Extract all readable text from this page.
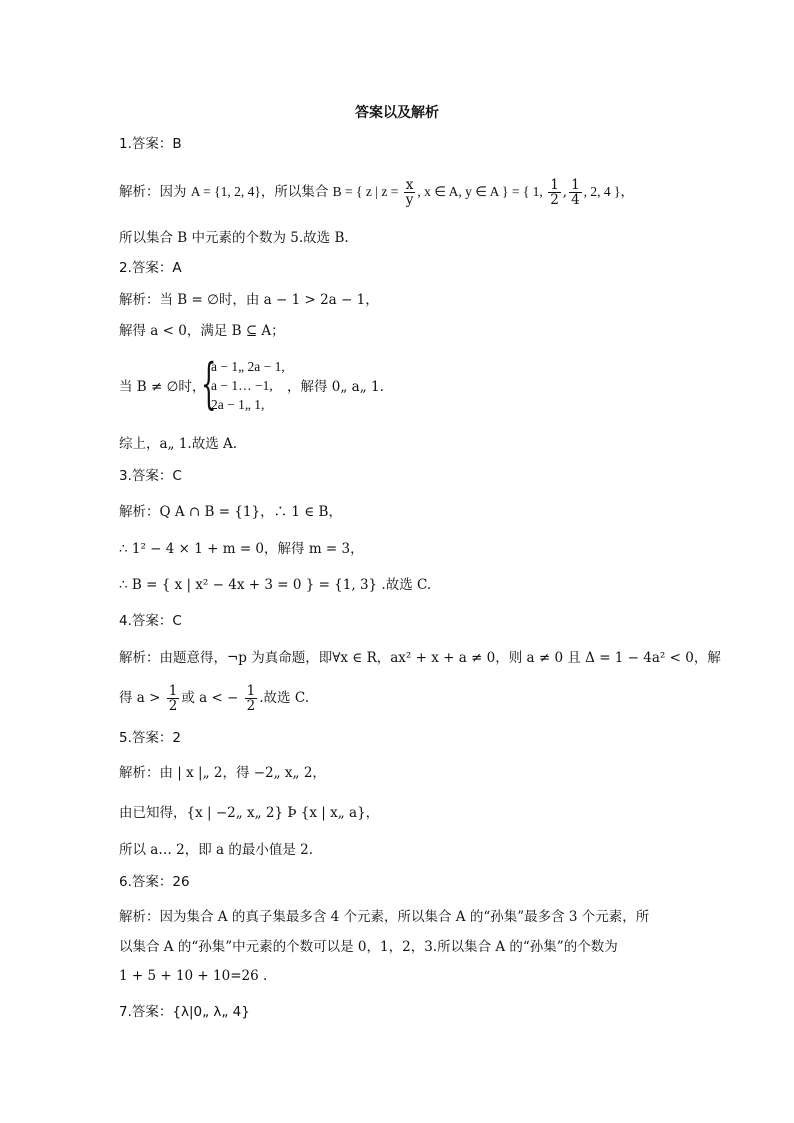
答案以及解析
1.答案：B
解析：因为 A = {1, 2, 4}，所以集合 B = { z | $z = \frac{x}{y}$ , x ∈ A, y ∈ A } = { 1, $\frac{1}{2}$ , $\frac{1}{4}$ , 2, 4 }，
所以集合 B 中元素的个数为 5.故选 B.
2.答案：A
解析：当 B = ∅时，由 a − 1 > 2a − 1，
解得 a < 0，满足 B ⊆ A；
当 B ≠ ∅时，
{
a − 1„ 2a − 1,
a − 1… −1,
2a − 1„ 1,
，解得 0„ a„ 1.
综上，a„ 1.故选 A.
3.答案：C
解析：Q A ∩ B = {1}，∴ 1 ∈ B，
∴ 1² − 4 × 1 + m = 0，解得 m = 3，
∴ B = { x | x² − 4x + 3 = 0 } = {1, 3} .故选 C.
4.答案：C
解析：由题意得，¬p 为真命题，即∀x ∈ R，ax² + x + a ≠ 0，则 a ≠ 0 且 Δ = 1 − 4a² < 0，解
得 $a > \frac{1}{2}$ 或 a < − $\frac{1}{2}$ .故选 C.
5.答案：2
解析：由 | x |„ 2，得 −2„ x„ 2，
由已知得，{x | −2„ x„ 2} Þ {x | x„ a}，
所以 a… 2，即 a 的最小值是 2.
6.答案：26
解析：因为集合 A 的真子集最多含 4 个元素，所以集合 A 的“孙集”最多含 3 个元素，所
以集合 A 的“孙集”中元素的个数可以是 0，1，2，3.所以集合 A 的“孙集”的个数为
1 + 5 + 10 + 10=26 .
7.答案：{λ|0„ λ„ 4}
